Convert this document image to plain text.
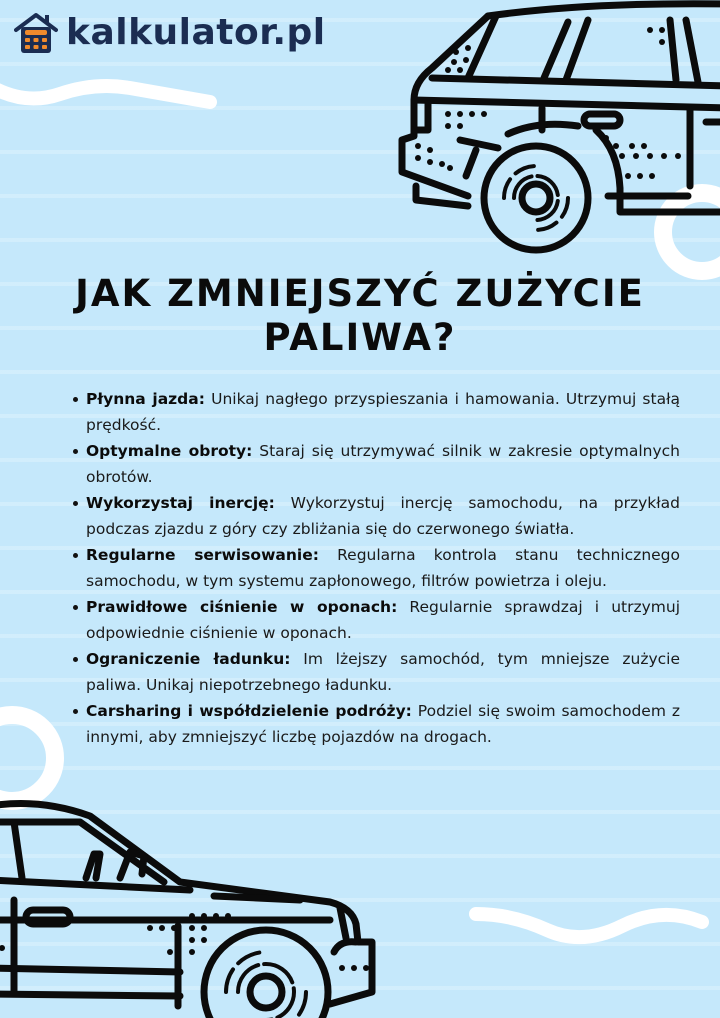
kalkulator.pl
JAK ZMNIEJSZYĆ ZUŻYCIE
PALIWA?
Płynna jazda: Unikaj nagłego przyspieszania i hamowania. Utrzymuj stałą prędkość.
Optymalne obroty: Staraj się utrzymywać silnik w zakresie optymalnych obrotów.
Wykorzystaj inercję: Wykorzystuj inercję samochodu, na przykład podczas zjazdu z góry czy zbliżania się do czerwonego światła.
Regularne serwisowanie: Regularna kontrola stanu technicznego samochodu, w tym systemu zapłonowego, filtrów powietrza i oleju.
Prawidłowe ciśnienie w oponach: Regularnie sprawdzaj i utrzymuj odpowiednie ciśnienie w oponach.
Ograniczenie ładunku: Im lżejszy samochód, tym mniejsze zużycie paliwa. Unikaj niepotrzebnego ładunku.
Carsharing i współdzielenie podróży: Podziel się swoim samochodem z innymi, aby zmniejszyć liczbę pojazdów na drogach.
